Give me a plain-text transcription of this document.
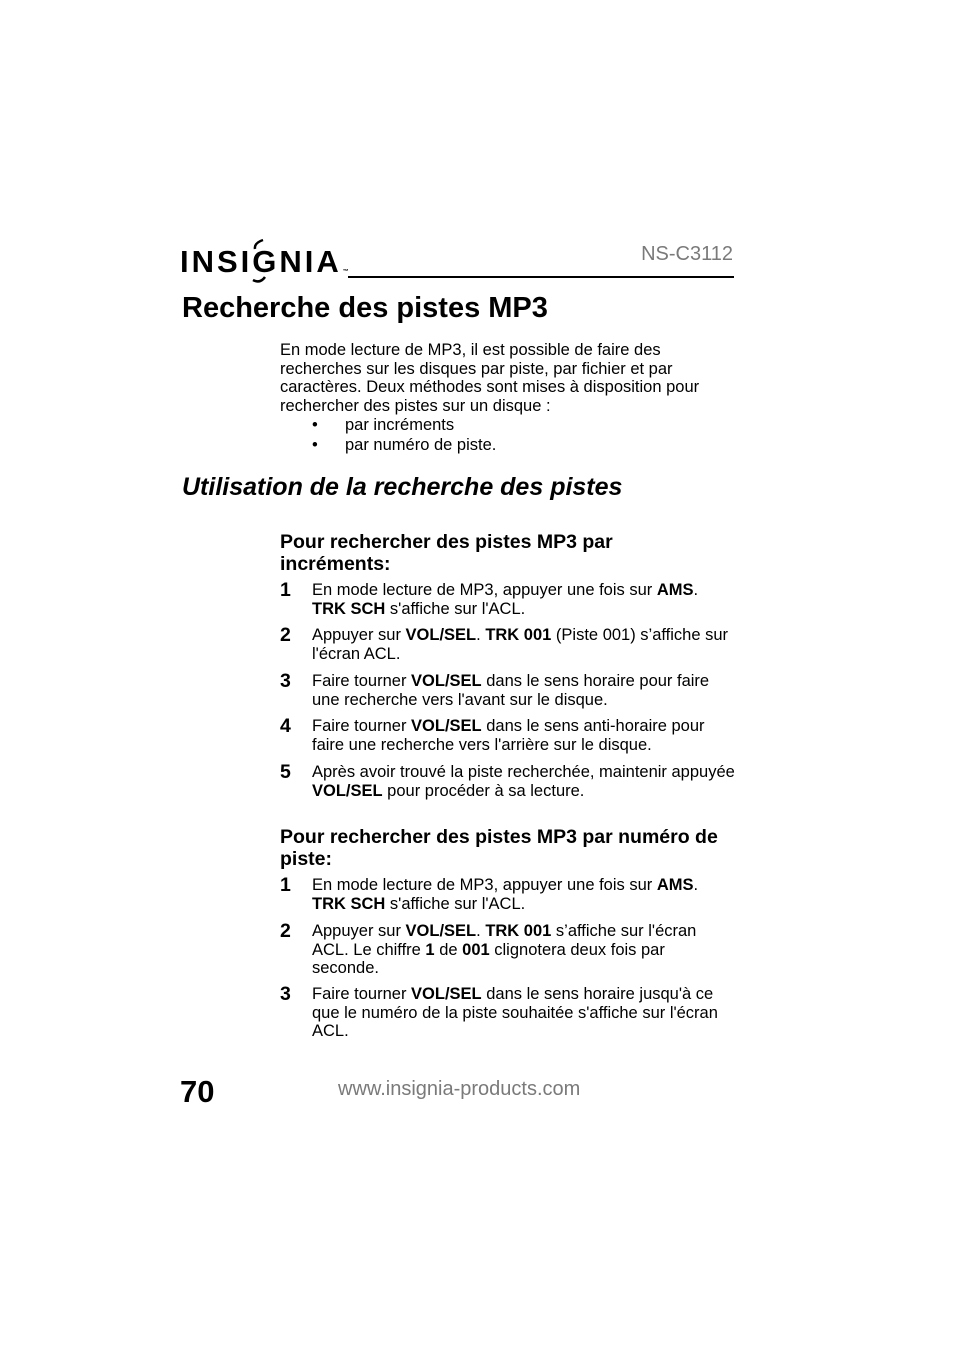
INSI GNIA ™
NS-C3112
Recherche des pistes MP3
En mode lecture de MP3, il est possible de faire des recherches sur les disques par piste, par fichier et par caractères. Deux méthodes sont mises à disposition pour rechercher des pistes sur un disque :
•	par incréments
•	par numéro de piste.
Utilisation de la recherche des pistes
Pour rechercher des pistes MP3 par incréments:
1	En mode lecture de MP3, appuyer une fois sur AMS. TRK SCH s'affiche sur l'ACL.
2	Appuyer sur VOL/SEL. TRK 001 (Piste 001) s’affiche sur l'écran ACL.
3	Faire tourner VOL/SEL dans le sens horaire pour faire une recherche vers l'avant sur le disque.
4	Faire tourner VOL/SEL dans le sens anti-horaire pour faire une recherche vers l'arrière sur le disque.
5	Après avoir trouvé la piste recherchée, maintenir appuyée VOL/SEL pour procéder à sa lecture.
Pour rechercher des pistes MP3 par numéro de piste:
1	En mode lecture de MP3, appuyer une fois sur AMS. TRK SCH s'affiche sur l'ACL.
2	Appuyer sur VOL/SEL. TRK 001 s’affiche sur l'écran ACL. Le chiffre 1 de 001 clignotera deux fois par seconde.
3	Faire tourner VOL/SEL dans le sens horaire jusqu'à ce que le numéro de la piste souhaitée s'affiche sur l'écran ACL.
70	www.insignia-products.com
